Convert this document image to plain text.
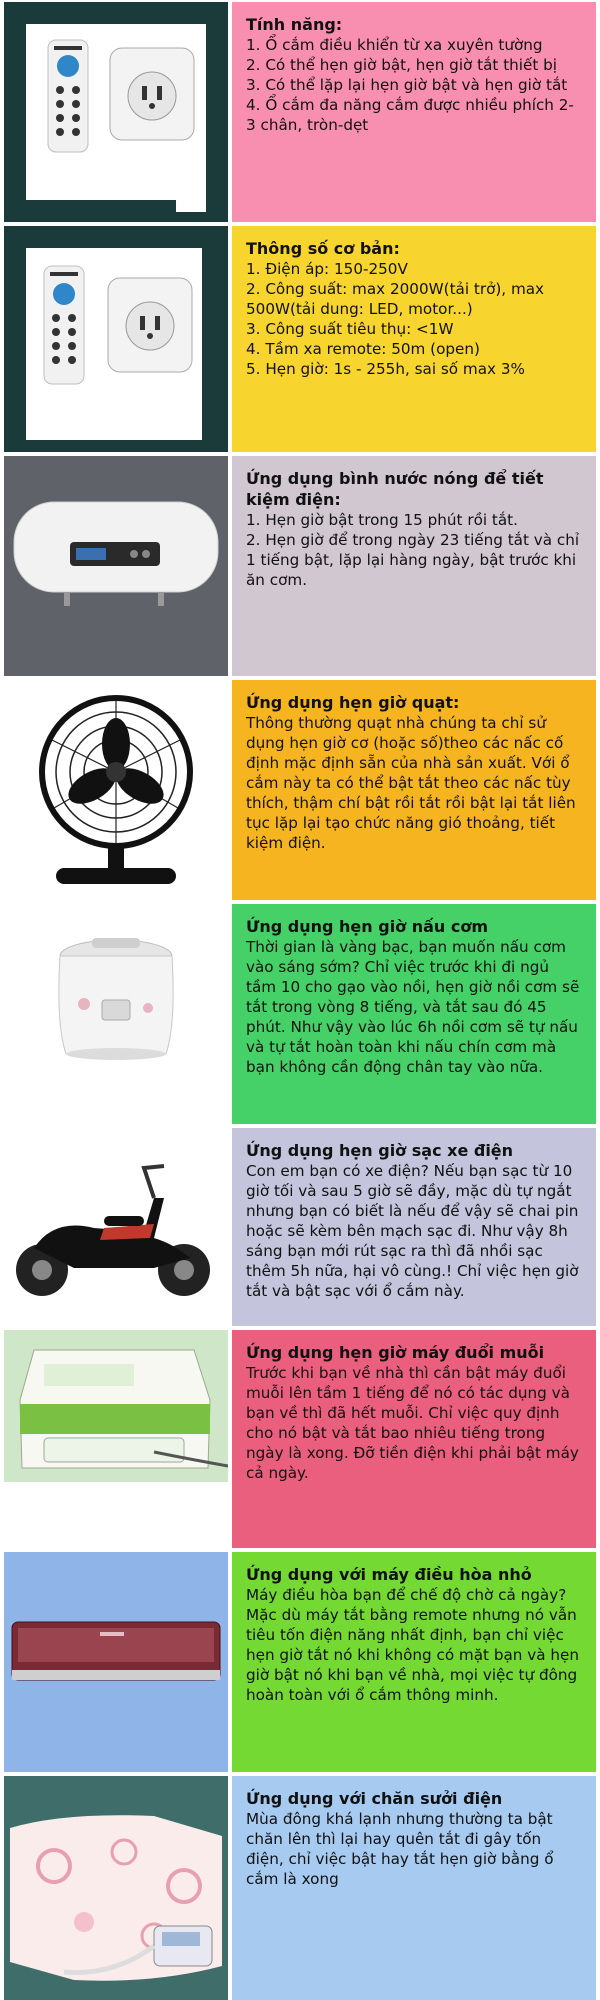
Tính năng:

1. Ổ cắm điều khiển từ xa xuyên tường

2. Có thể hẹn giờ bật, hẹn giờ tắt thiết bị

3. Có thể lặp lại hẹn giờ bật và hẹn giờ tắt

4. Ổ cắm đa năng cắm được nhiều phích 2-3 chân, tròn-dẹt

Thông số cơ bản:

1. Điện áp: 150-250V

2. Công suất: max 2000W(tải trở), max 500W(tải dung: LED, motor...)

3. Công suất tiêu thụ: <1W

4. Tầm xa remote: 50m (open)

5. Hẹn giờ: 1s - 255h, sai số max 3%

Ứng dụng bình nước nóng để tiết kiệm điện:

1. Hẹn giờ bật trong 15 phút rồi tắt.

2. Hẹn giờ để trong ngày 23 tiếng tắt và chỉ 1 tiếng bật, lặp lại hàng ngày, bật trước khi ăn cơm.

Ứng dụng hẹn giờ quạt:

Thông thường quạt nhà chúng ta chỉ sử dụng hẹn giờ cơ (hoặc số)theo các nấc cố định mặc định sẵn của nhà sản xuất. Với ổ cắm này ta có thể bật tắt theo các nấc tùy thích, thậm chí bật rồi tắt rồi bật lại tắt liên tục lặp lại tạo chức năng gió thoảng, tiết kiệm điện.

Ứng dụng hẹn giờ nấu cơm

Thời gian là vàng bạc, bạn muốn nấu cơm vào sáng sớm? Chỉ việc trước khi đi ngủ tầm 10 cho gạo vào nồi, hẹn giờ nồi cơm sẽ tắt trong vòng 8 tiếng, và tắt sau đó 45 phút. Như vậy vào lúc 6h nồi cơm sẽ tự nấu và tự tắt hoàn toàn khi nấu chín cơm mà bạn không cần động chân tay vào nữa.

Ứng dụng hẹn giờ sạc xe điện

Con em bạn có xe điện? Nếu bạn sạc từ 10 giờ tối và sau 5 giờ sẽ đầy, mặc dù tự ngắt nhưng bạn có biết là nếu để vậy sẽ chai pin hoặc sẽ kèm bên mạch sạc đi. Như vậy 8h sáng bạn mới rút sạc ra thì đã nhồi sạc thêm 5h nữa, hại vô cùng.! Chỉ việc hẹn giờ tắt và bật sạc với ổ cắm này.

Ứng dụng hẹn giờ máy đuổi muỗi

Trước khi bạn về nhà thì cần bật máy đuổi muỗi lên tầm 1 tiếng để nó có tác dụng và bạn về thì đã hết muỗi. Chỉ việc quy định cho nó bật và tắt bao nhiêu tiếng trong ngày là xong. Đỡ tiền điện khi phải bật máy cả ngày.

Ứng dụng với máy điều hòa nhỏ

Máy điều hòa bạn để chế độ chờ cả ngày? Mặc dù máy tắt bằng remote nhưng nó vẫn tiêu tốn điện năng nhất định, bạn chỉ việc hẹn giờ tắt nó khi không có mặt bạn và hẹn giờ bật nó khi bạn về nhà, mọi việc tự đông hoàn toàn với ổ cắm thông minh.

Ứng dụng với chăn sưởi điện

Mùa đông khá lạnh nhưng thường ta bật chăn lên thì lại hay quên tắt đi gây tốn điện, chỉ việc bật hay tắt hẹn giờ bằng ổ cắm là xong
